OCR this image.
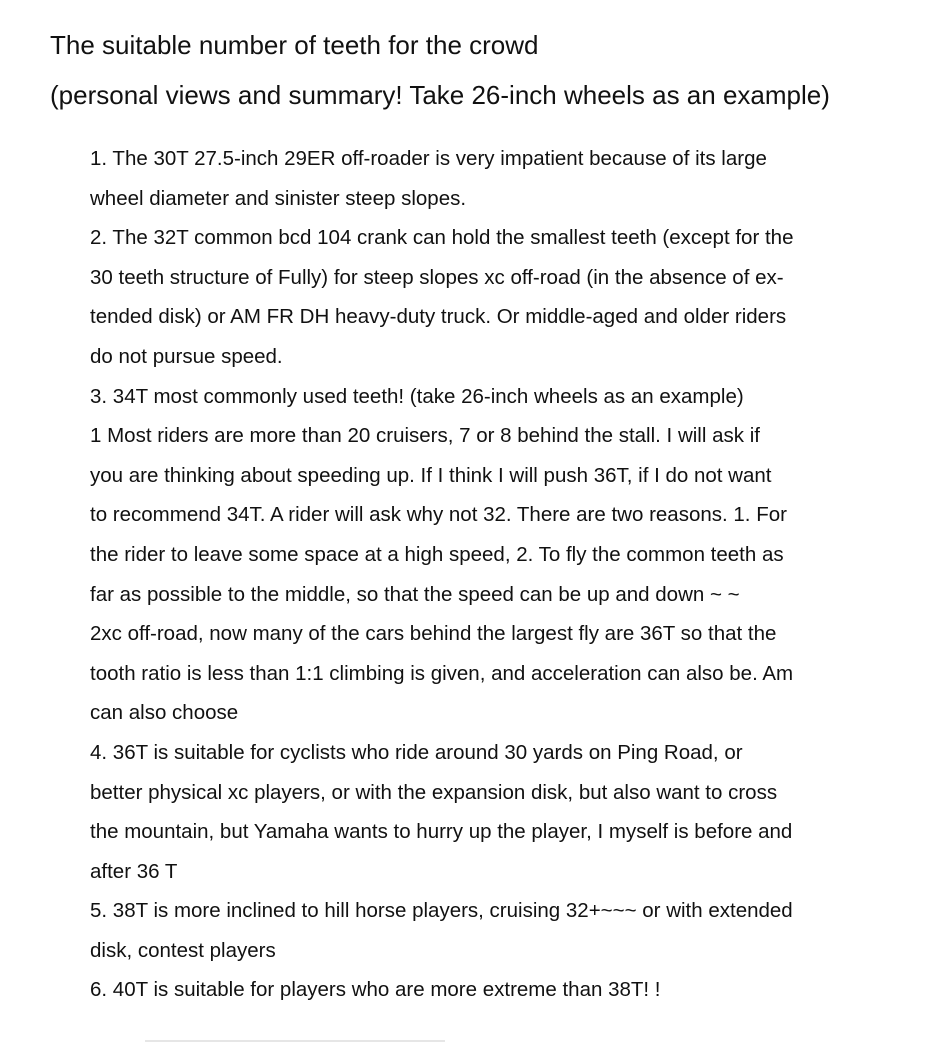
The suitable number of teeth for the crowd

(personal views and summary! Take 26-inch wheels as an example)

1. The 30T 27.5-inch 29ER off-roader is very impatient because of its large

wheel diameter and sinister steep slopes.

2. The 32T common bcd 104 crank can hold the smallest teeth (except for the

30 teeth structure of Fully) for steep slopes xc off-road (in the absence of ex-

tended disk) or AM FR DH heavy-duty truck. Or middle-aged and older riders

do not pursue speed.

3. 34T most commonly used teeth! (take 26-inch wheels as an example)

1 Most riders are more than 20 cruisers, 7 or 8 behind the stall. I will ask if

you are thinking about speeding up. If I think I will push 36T, if I do not want

to recommend 34T. A rider will ask why not 32. There are two reasons. 1. For

the rider to leave some space at a high speed, 2. To fly the common teeth as

far as possible to the middle, so that the speed can be up and down ~ ~

2xc off-road, now many of the cars behind the largest fly are 36T so that the

tooth ratio is less than 1:1 climbing is given, and acceleration can also be. Am

can also choose

4. 36T is suitable for cyclists who ride around 30 yards on Ping Road, or

better physical xc players, or with the expansion disk, but also want to cross

the mountain, but Yamaha wants to hurry up the player, I myself is before and

after 36 T

5. 38T is more inclined to hill horse players, cruising 32+~~~ or with extended

disk, contest players

6. 40T is suitable for players who are more extreme than 38T! !
